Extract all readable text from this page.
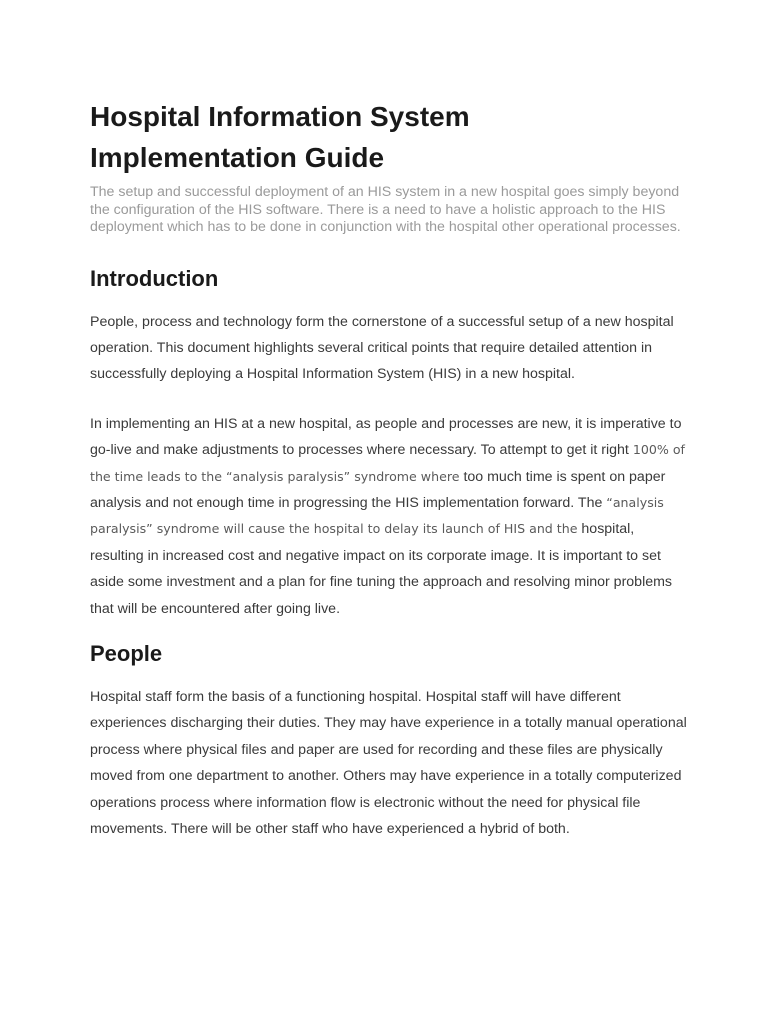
Hospital Information System
Implementation Guide

The setup and successful deployment of an HIS system in a new hospital goes simply beyond the configuration of the HIS software. There is a need to have a holistic approach to the HIS deployment which has to be done in conjunction with the hospital other operational processes.

Introduction

People, process and technology form the cornerstone of a successful setup of a new hospital operation. This document highlights several critical points that require detailed attention in successfully deploying a Hospital Information System (HIS) in a new hospital.

In implementing an HIS at a new hospital, as people and processes are new, it is imperative to go-live and make adjustments to processes where necessary. To attempt to get it right 100% of the time leads to the “analysis paralysis” syndrome where too much time is spent on paper analysis and not enough time in progressing the HIS implementation forward. The “analysis paralysis” syndrome will cause the hospital to delay its launch of HIS and the hospital, resulting in increased cost and negative impact on its corporate image. It is important to set aside some investment and a plan for fine tuning the approach and resolving minor problems that will be encountered after going live.

People

Hospital staff form the basis of a functioning hospital. Hospital staff will have different experiences discharging their duties. They may have experience in a totally manual operational process where physical files and paper are used for recording and these files are physically moved from one department to another. Others may have experience in a totally computerized operations process where information flow is electronic without the need for physical file movements. There will be other staff who have experienced a hybrid of both.
